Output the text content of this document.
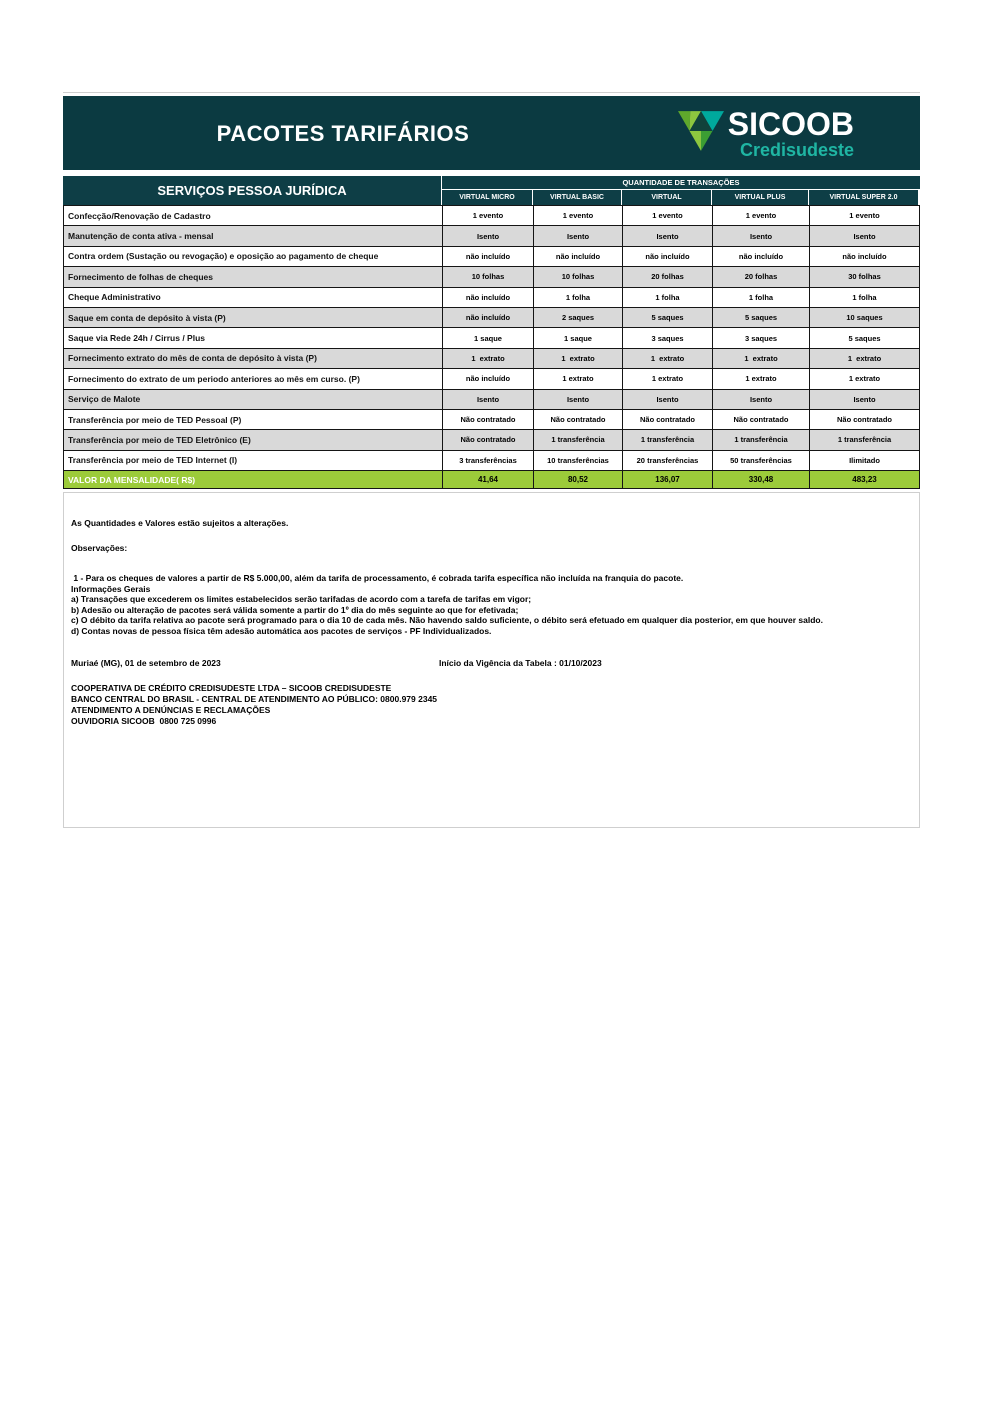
PACOTES TARIFÁRIOS	SICOOB
Credisudeste
SERVIÇOS PESSOA JURÍDICA
QUANTIDADE DE TRANSAÇÕES
VIRTUAL MICRO	VIRTUAL BASIC	VIRTUAL	VIRTUAL PLUS	VIRTUAL SUPER 2.0
Confecção/Renovação de Cadastro	1 evento	1 evento	1 evento	1 evento	1 evento
Manutenção de conta ativa - mensal	Isento	Isento	Isento	Isento	Isento
Contra ordem (Sustação ou revogação) e oposição ao pagamento de cheque	não incluído	não incluído	não incluído	não incluído	não incluído
Fornecimento de folhas de cheques	10 folhas	10 folhas	20 folhas	20 folhas	30 folhas
Cheque Administrativo	não incluído	1 folha	1 folha	1 folha	1 folha
Saque em conta de depósito à vista (P)	não incluído	2 saques	5 saques	5 saques	10 saques
Saque via Rede 24h / Cirrus / Plus	1 saque	1 saque	3 saques	3 saques	5 saques
Fornecimento extrato do mês de conta de depósito à vista (P)	1  extrato	1  extrato	1  extrato	1  extrato	1  extrato
Fornecimento do extrato de um periodo anteriores ao mês em curso. (P)	não incluído	1 extrato	1 extrato	1 extrato	1 extrato
Serviço de Malote	Isento	Isento	Isento	Isento	Isento
Transferência por meio de TED Pessoal (P)	Não contratado	Não contratado	Não contratado	Não contratado	Não contratado
Transferência por meio de TED Eletrônico (E)	Não contratado	1 transferência	1 transferência	1 transferência	1 transferência
Transferência por meio de TED Internet (I)	3 transferências	10 transferências	20 transferências	50 transferências	Ilimitado
VALOR DA MENSALIDADE( R$)	41,64	80,52	136,07	330,48	483,23
As Quantidades e Valores estão sujeitos a alterações.
Observações:
1 - Para os cheques de valores a partir de R$ 5.000,00, além da tarifa de processamento, é cobrada tarifa específica não incluída na franquia do pacote.
Informações Gerais
a) Transações que excederem os limites estabelecidos serão tarifadas de acordo com a tarefa de tarifas em vigor;
b) Adesão ou alteração de pacotes será válida somente a partir do 1º dia do mês seguinte ao que for efetivada;
c) O débito da tarifa relativa ao pacote será programado para o dia 10 de cada mês. Não havendo saldo suficiente, o débito será efetuado em qualquer dia posterior, em que houver saldo.
d) Contas novas de pessoa física têm adesão automática aos pacotes de serviços - PF Individualizados.
Muriaé (MG), 01 de setembro de 2023	Início da Vigência da Tabela : 01/10/2023
COOPERATIVA DE CRÉDITO CREDISUDESTE LTDA – SICOOB CREDISUDESTE
BANCO CENTRAL DO BRASIL - CENTRAL DE ATENDIMENTO AO PÚBLICO: 0800.979 2345
ATENDIMENTO A DENÚNCIAS E RECLAMAÇÕES
OUVIDORIA SICOOB  0800 725 0996
